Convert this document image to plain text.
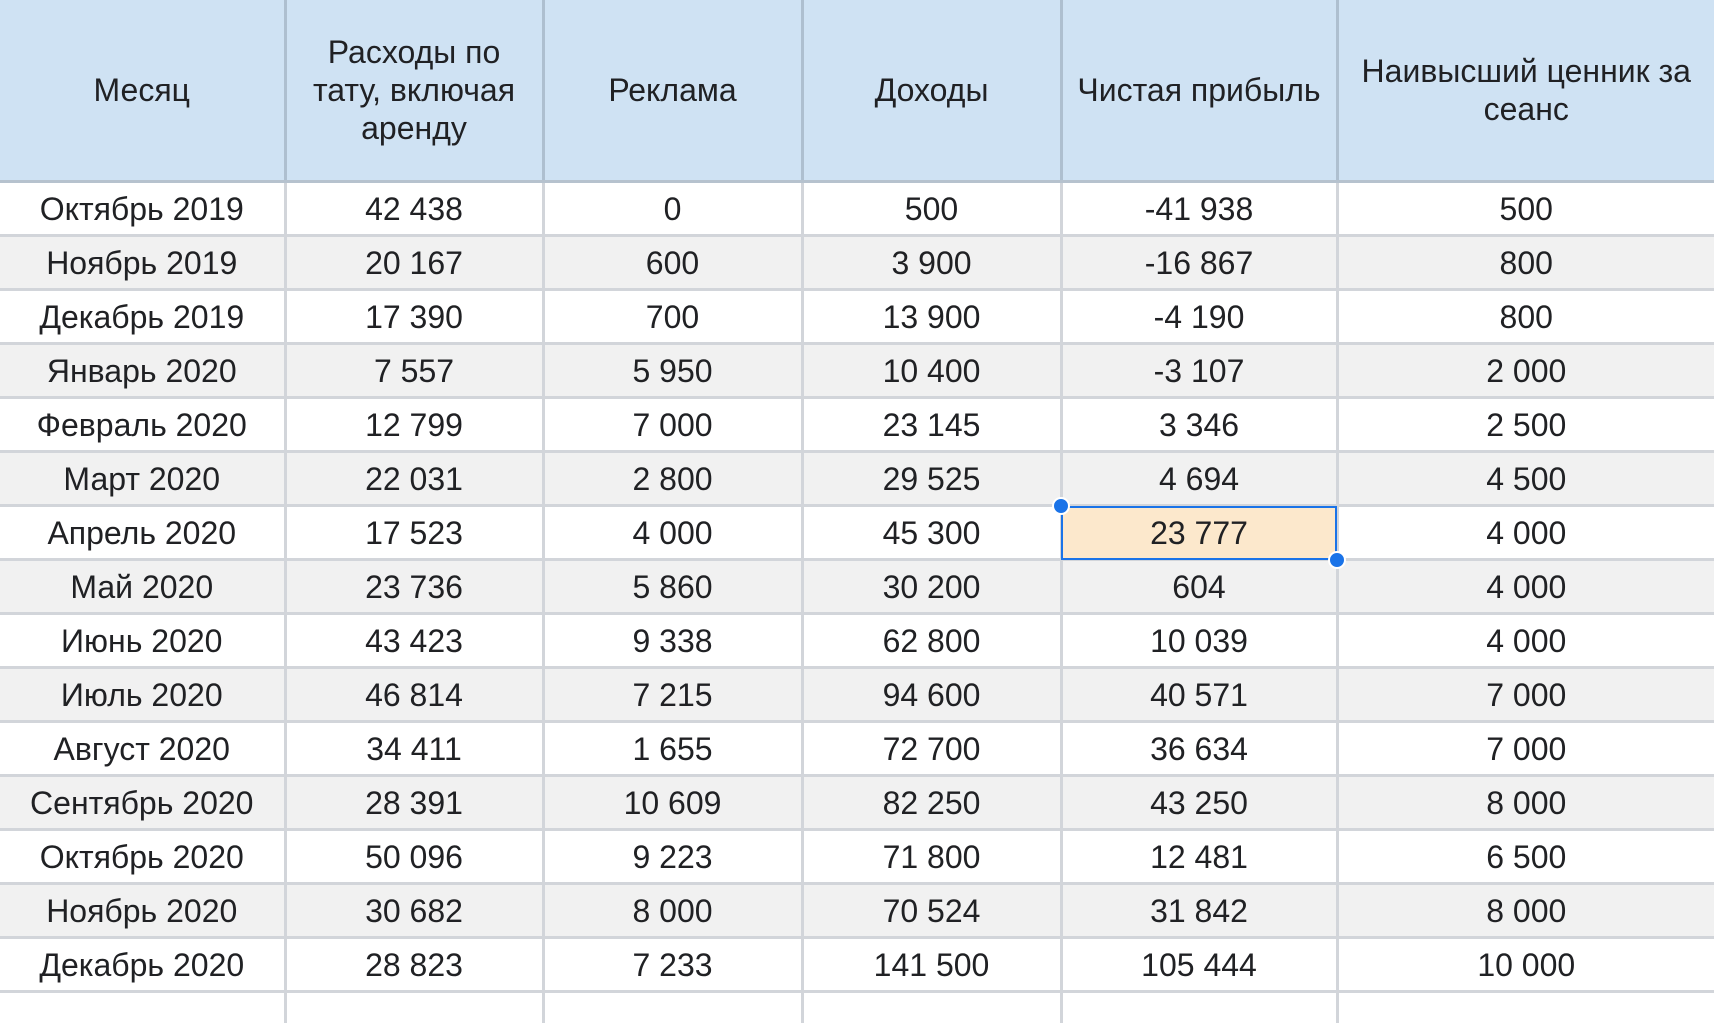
Месяц	Расходы по тату, включая аренду	Реклама	Доходы	Чистая прибыль	Наивысший ценник за сеанс
Октябрь 2019	42 438	0	500	-41 938	500
Ноябрь 2019	20 167	600	3 900	-16 867	800
Декабрь 2019	17 390	700	13 900	-4 190	800
Январь 2020	7 557	5 950	10 400	-3 107	2 000
Февраль 2020	12 799	7 000	23 145	3 346	2 500
Март 2020	22 031	2 800	29 525	4 694	4 500
Апрель 2020	17 523	4 000	45 300	23 777	4 000
Май 2020	23 736	5 860	30 200	604	4 000
Июнь 2020	43 423	9 338	62 800	10 039	4 000
Июль 2020	46 814	7 215	94 600	40 571	7 000
Август 2020	34 411	1 655	72 700	36 634	7 000
Сентябрь 2020	28 391	10 609	82 250	43 250	8 000
Октябрь 2020	50 096	9 223	71 800	12 481	6 500
Ноябрь 2020	30 682	8 000	70 524	31 842	8 000
Декабрь 2020	28 823	7 233	141 500	105 444	10 000
